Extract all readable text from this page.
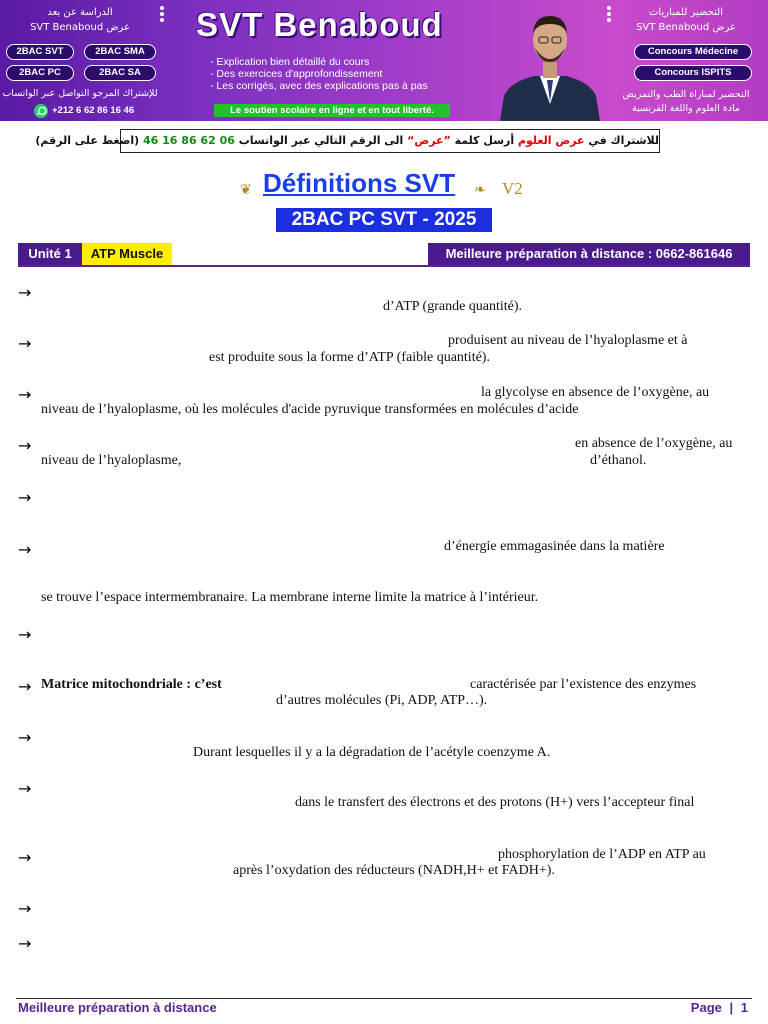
الدراسة عن بعد
عرض SVT Benaboud
2BAC SVT	2BAC SMA
2BAC PC	2BAC SA
للإشتراك المرجو التواصل عبر الواتساب
+212 6 62 86 16 46
SVT Benaboud
- Explication bien détaillé du cours
- Des exercices d'approfondissement
- Les corrigés, avec des explications pas à pas
Le soutien scolaire en ligne et en tout liberté.
التحضير للمباريات
عرض SVT Benaboud
Concours Médecine
Concours ISPITS
التحضير لمباراة الطب والتمريض
مادة العلوم واللغة الفرنسية
للاشتراك في عرض العلوم أرسل كلمة ”عرض“ الى الرقم التالي عبر الواتساب 46 16 86 62 06 (اضغط على الرقم)
❦ Définitions SVT ❧ V2
2BAC PC SVT - 2025
Unité 1	ATP Muscle	Meilleure préparation à distance : 0662-861646
→
d’ATP (grande quantité).
→	produisent au niveau de l’hyaloplasme et à
est produite sous la forme d’ATP (faible quantité).
→	la glycolyse en absence de l’oxygène, au
niveau de l’hyaloplasme, où les molécules d'acide pyruvique transformées en molécules d’acide
→	en absence de l’oxygène, au
niveau de l’hyaloplasme,	d’éthanol.
→
→	d’énergie emmagasinée dans la matière
se trouve l’espace intermembranaire. La membrane interne limite la matrice à l’intérieur.
→
→ Matrice mitochondriale : c’est	caractérisée par l’existence des enzymes
d’autres molécules (Pi, ADP, ATP…).
→
Durant lesquelles il y a la dégradation de l’acétyle coenzyme A.
→
dans le transfert des électrons et des protons (H+) vers l’accepteur final
→	phosphorylation de l’ADP en ATP au
après l’oxydation des réducteurs (NADH,H+ et FADH+).
→
→
Meilleure préparation à distance	Page | 1
